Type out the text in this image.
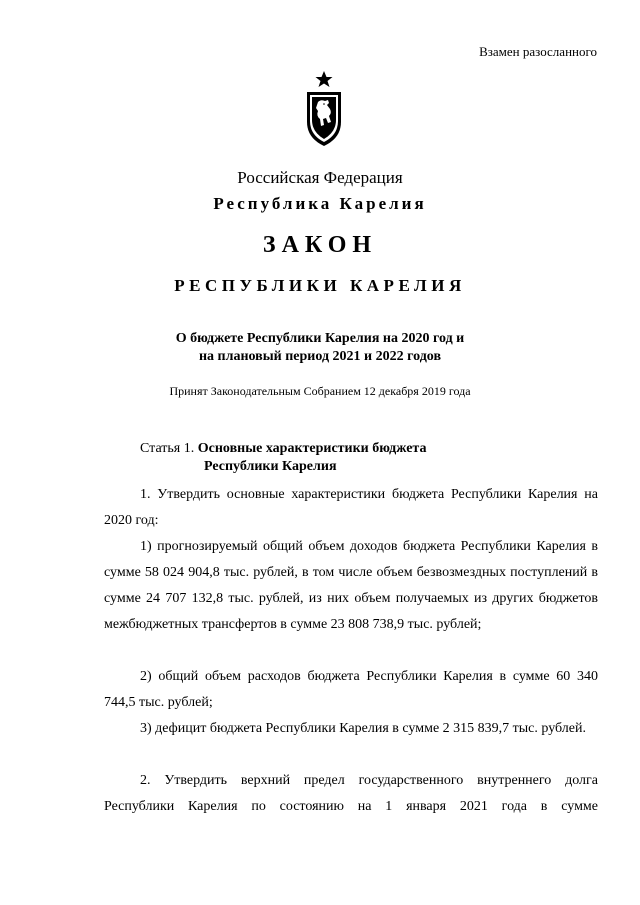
Взамен разосланного
Российская Федерация
Республика Карелия
ЗАКОН
РЕСПУБЛИКИ КАРЕЛИЯ
О бюджете Республики Карелия на 2020 год и
на плановый период 2021 и 2022 годов
Принят Законодательным Собранием 12 декабря 2019 года
Статья 1. Основные характеристики бюджета
Республики Карелия
1. Утвердить основные характеристики бюджета Республики Карелия на 2020 год:
1) прогнозируемый общий объем доходов бюджета Республики Карелия в сумме 58 024 904,8 тыс. рублей, в том числе объем безвозмездных поступлений в сумме 24 707 132,8 тыс. рублей, из них объем получаемых из других бюджетов межбюджетных трансфертов в сумме 23 808 738,9 тыс. рублей;
2) общий объем расходов бюджета Республики Карелия в сумме 60 340 744,5 тыс. рублей;
3) дефицит бюджета Республики Карелия в сумме 2 315 839,7 тыс. рублей.
2. Утвердить верхний предел государственного внутреннего долга Республики Карелия по состоянию на 1 января 2021 года в сумме
